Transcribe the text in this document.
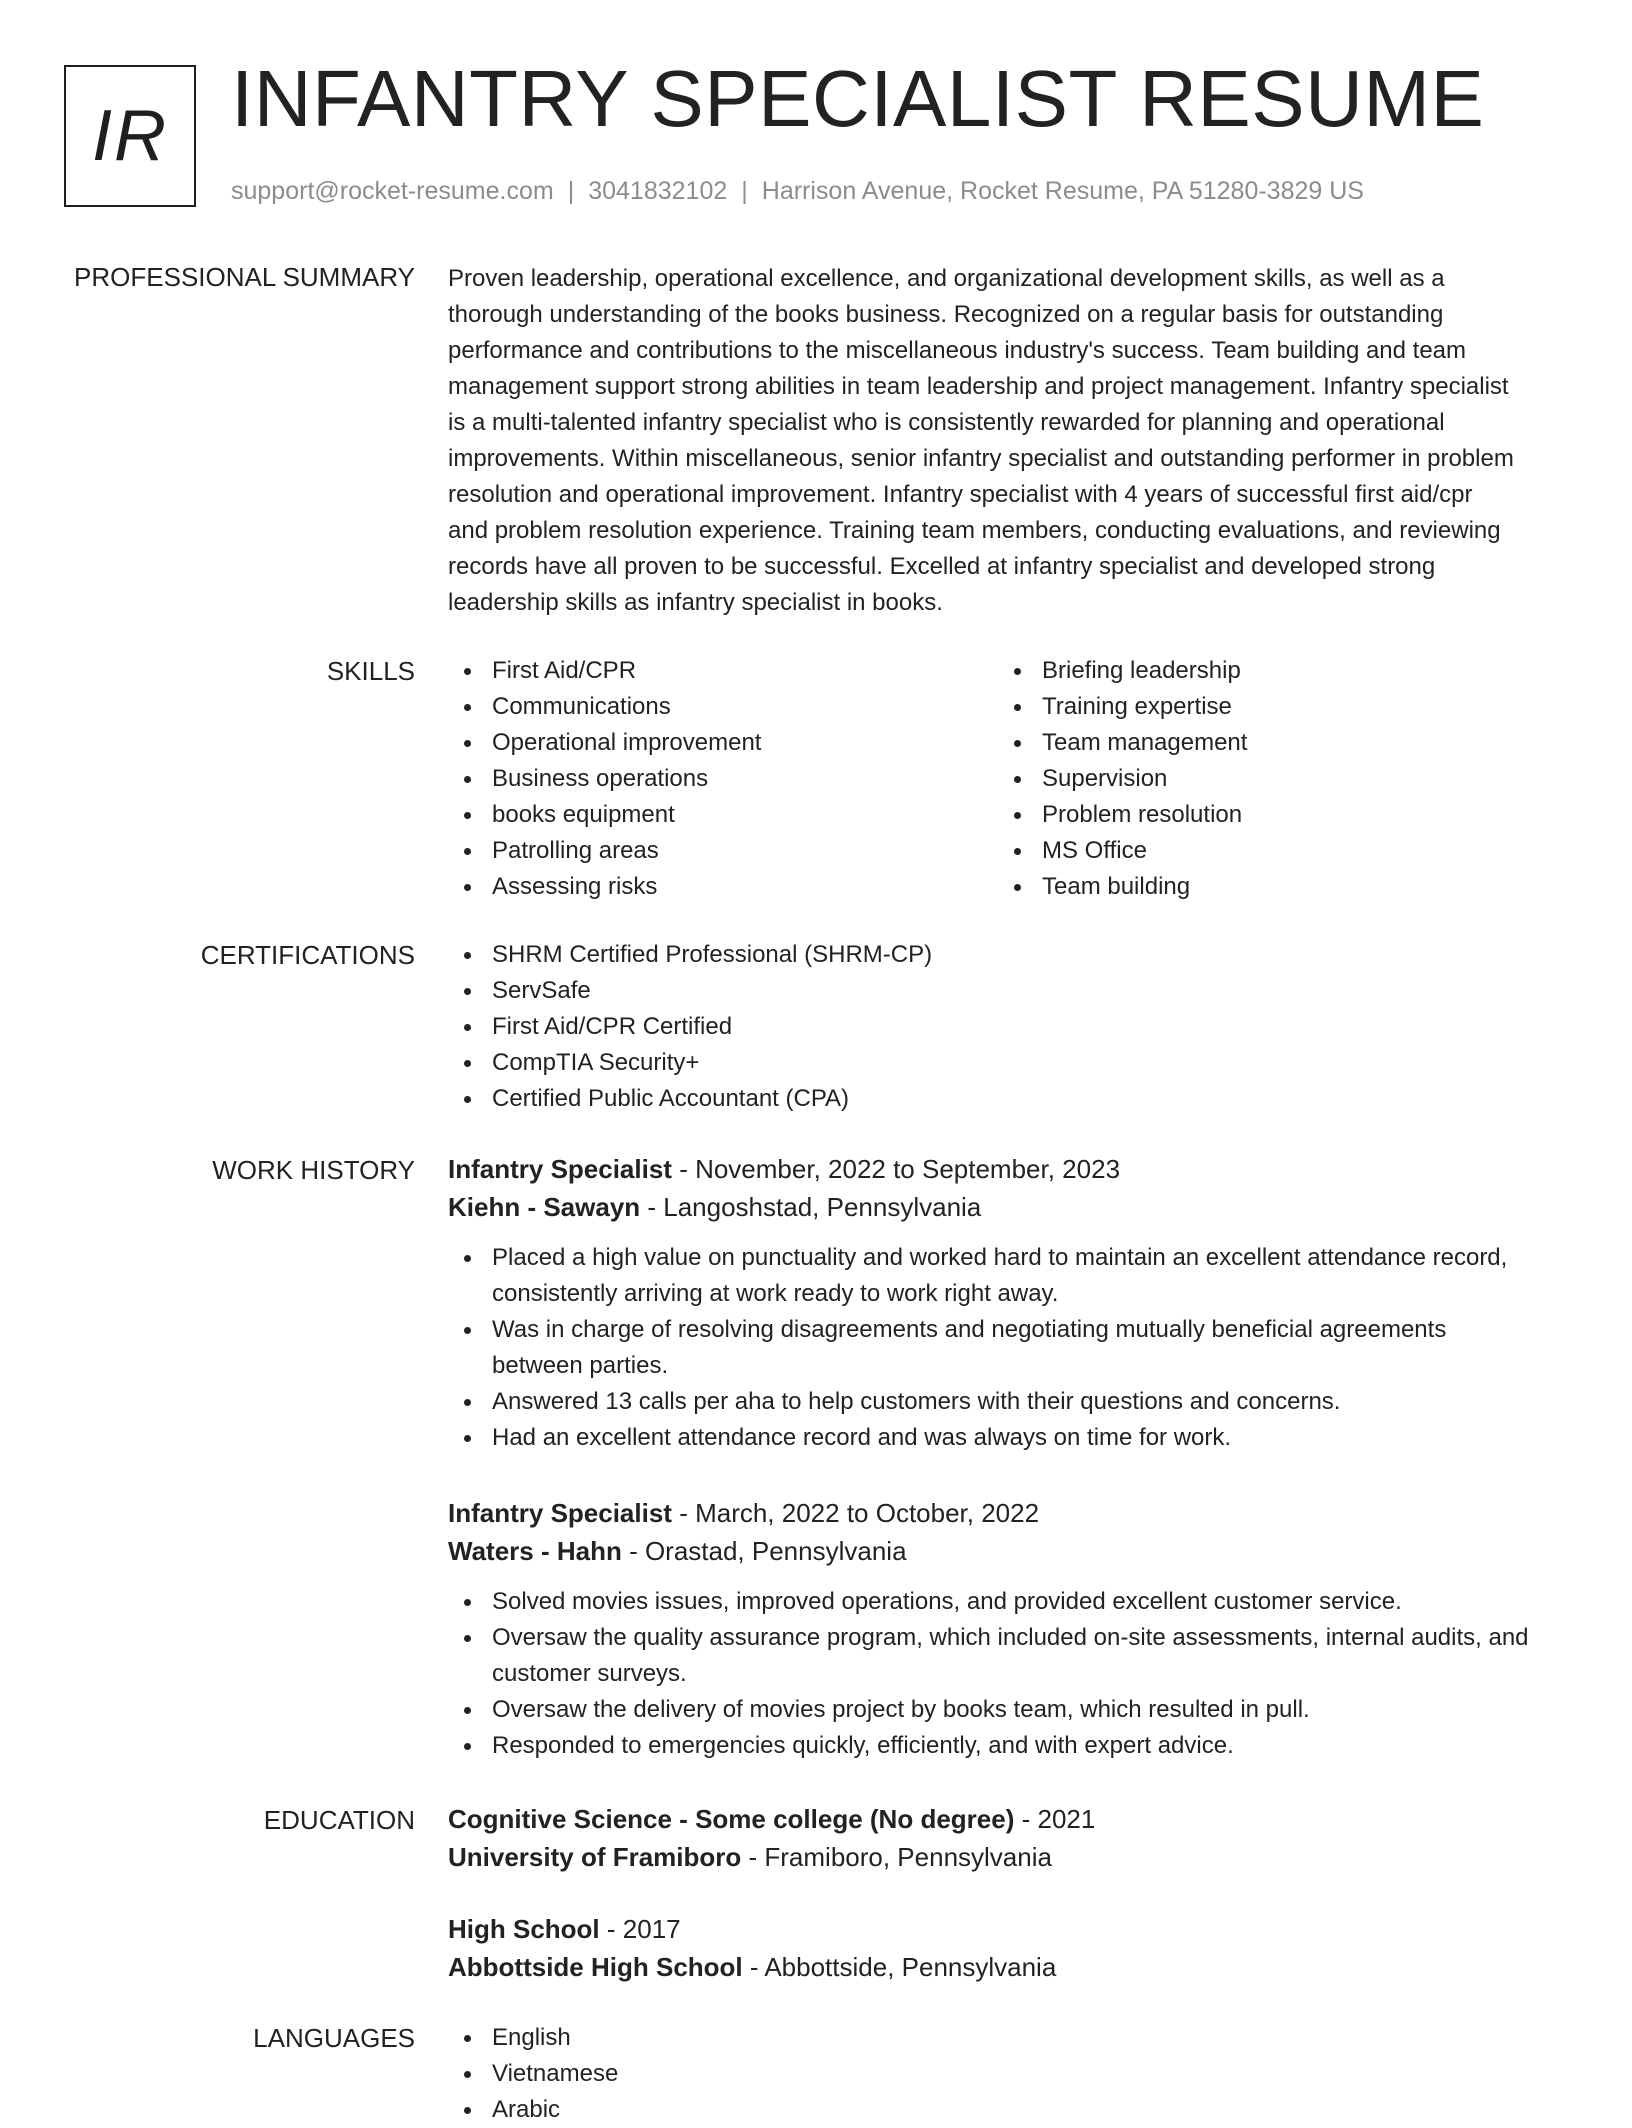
IR INFANTRY SPECIALIST RESUME
support@rocket-resume.com | 3041832102 | Harrison Avenue, Rocket Resume, PA 51280-3829 US
PROFESSIONAL SUMMARY Proven leadership, operational excellence, and organizational development skills, as well as a

thorough understanding of the books business. Recognized on a regular basis for outstanding

performance and contributions to the miscellaneous industry's success. Team building and team

management support strong abilities in team leadership and project management. Infantry specialist

is a multi-talented infantry specialist who is consistently rewarded for planning and operational

improvements. Within miscellaneous, senior infantry specialist and outstanding performer in problem

resolution and operational improvement. Infantry specialist with 4 years of successful first aid/cpr

and problem resolution experience. Training team members, conducting evaluations, and reviewing

records have all proven to be successful. Excelled at infantry specialist and developed strong

leadership skills as infantry specialist in books.

SKILLS	First Aid/CPR
Communications
Operational improvement
Business operations
books equipment
Patrolling areas
Assessing risks
Briefing leadership
Training expertise
Team management
Supervision
Problem resolution
MS Office
Team building
CERTIFICATIONS	SHRM Certified Professional (SHRM-CP)
ServSafe
First Aid/CPR Certified
CompTIA Security+
Certified Public Accountant (CPA)
WORK HISTORY Infantry Specialist - November, 2022 to September, 2023
Kiehn - Sawayn - Langoshstad, Pennsylvania
Placed a high value on punctuality and worked hard to maintain an excellent attendance record,
consistently arriving at work ready to work right away.
Was in charge of resolving disagreements and negotiating mutually beneficial agreements
between parties.
Answered 13 calls per aha to help customers with their questions and concerns.
Had an excellent attendance record and was always on time for work.
Infantry Specialist - March, 2022 to October, 2022
Waters - Hahn - Orastad, Pennsylvania
Solved movies issues, improved operations, and provided excellent customer service.
Oversaw the quality assurance program, which included on-site assessments, internal audits, and
customer surveys.
Oversaw the delivery of movies project by books team, which resulted in pull.
Responded to emergencies quickly, efficiently, and with expert advice.
EDUCATION Cognitive Science - Some college (No degree) - 2021
University of Framiboro - Framiboro, Pennsylvania
High School - 2017
Abbottside High School - Abbottside, Pennsylvania
LANGUAGES	English
Vietnamese
Arabic
